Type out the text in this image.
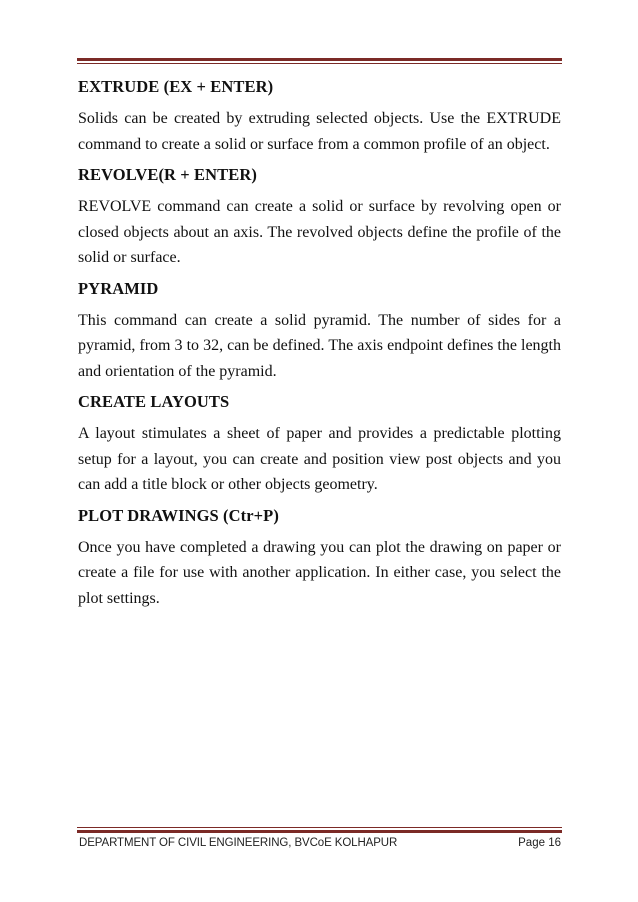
EXTRUDE (EX + ENTER)
Solids can be created by extruding selected objects. Use the EXTRUDE command to create a solid or surface from a common profile of an object.
REVOLVE(R + ENTER)
REVOLVE command can create a solid or surface by revolving open or closed objects about an axis. The revolved objects define the profile of the solid or surface.
PYRAMID
This command can create a solid pyramid. The number of sides for a pyramid, from 3 to 32, can be defined. The axis endpoint defines the length and orientation of the pyramid.
CREATE LAYOUTS
A layout stimulates a sheet of paper and provides a predictable plotting setup for a layout, you can create and position view post objects and you can add a title block or other objects geometry.
PLOT DRAWINGS (Ctr+P)
Once you have completed a drawing you can plot the drawing on paper or create a file for use with another application. In either case, you select the plot settings.
DEPARTMENT OF CIVIL ENGINEERING, BVCoE KOLHAPUR	Page 16
